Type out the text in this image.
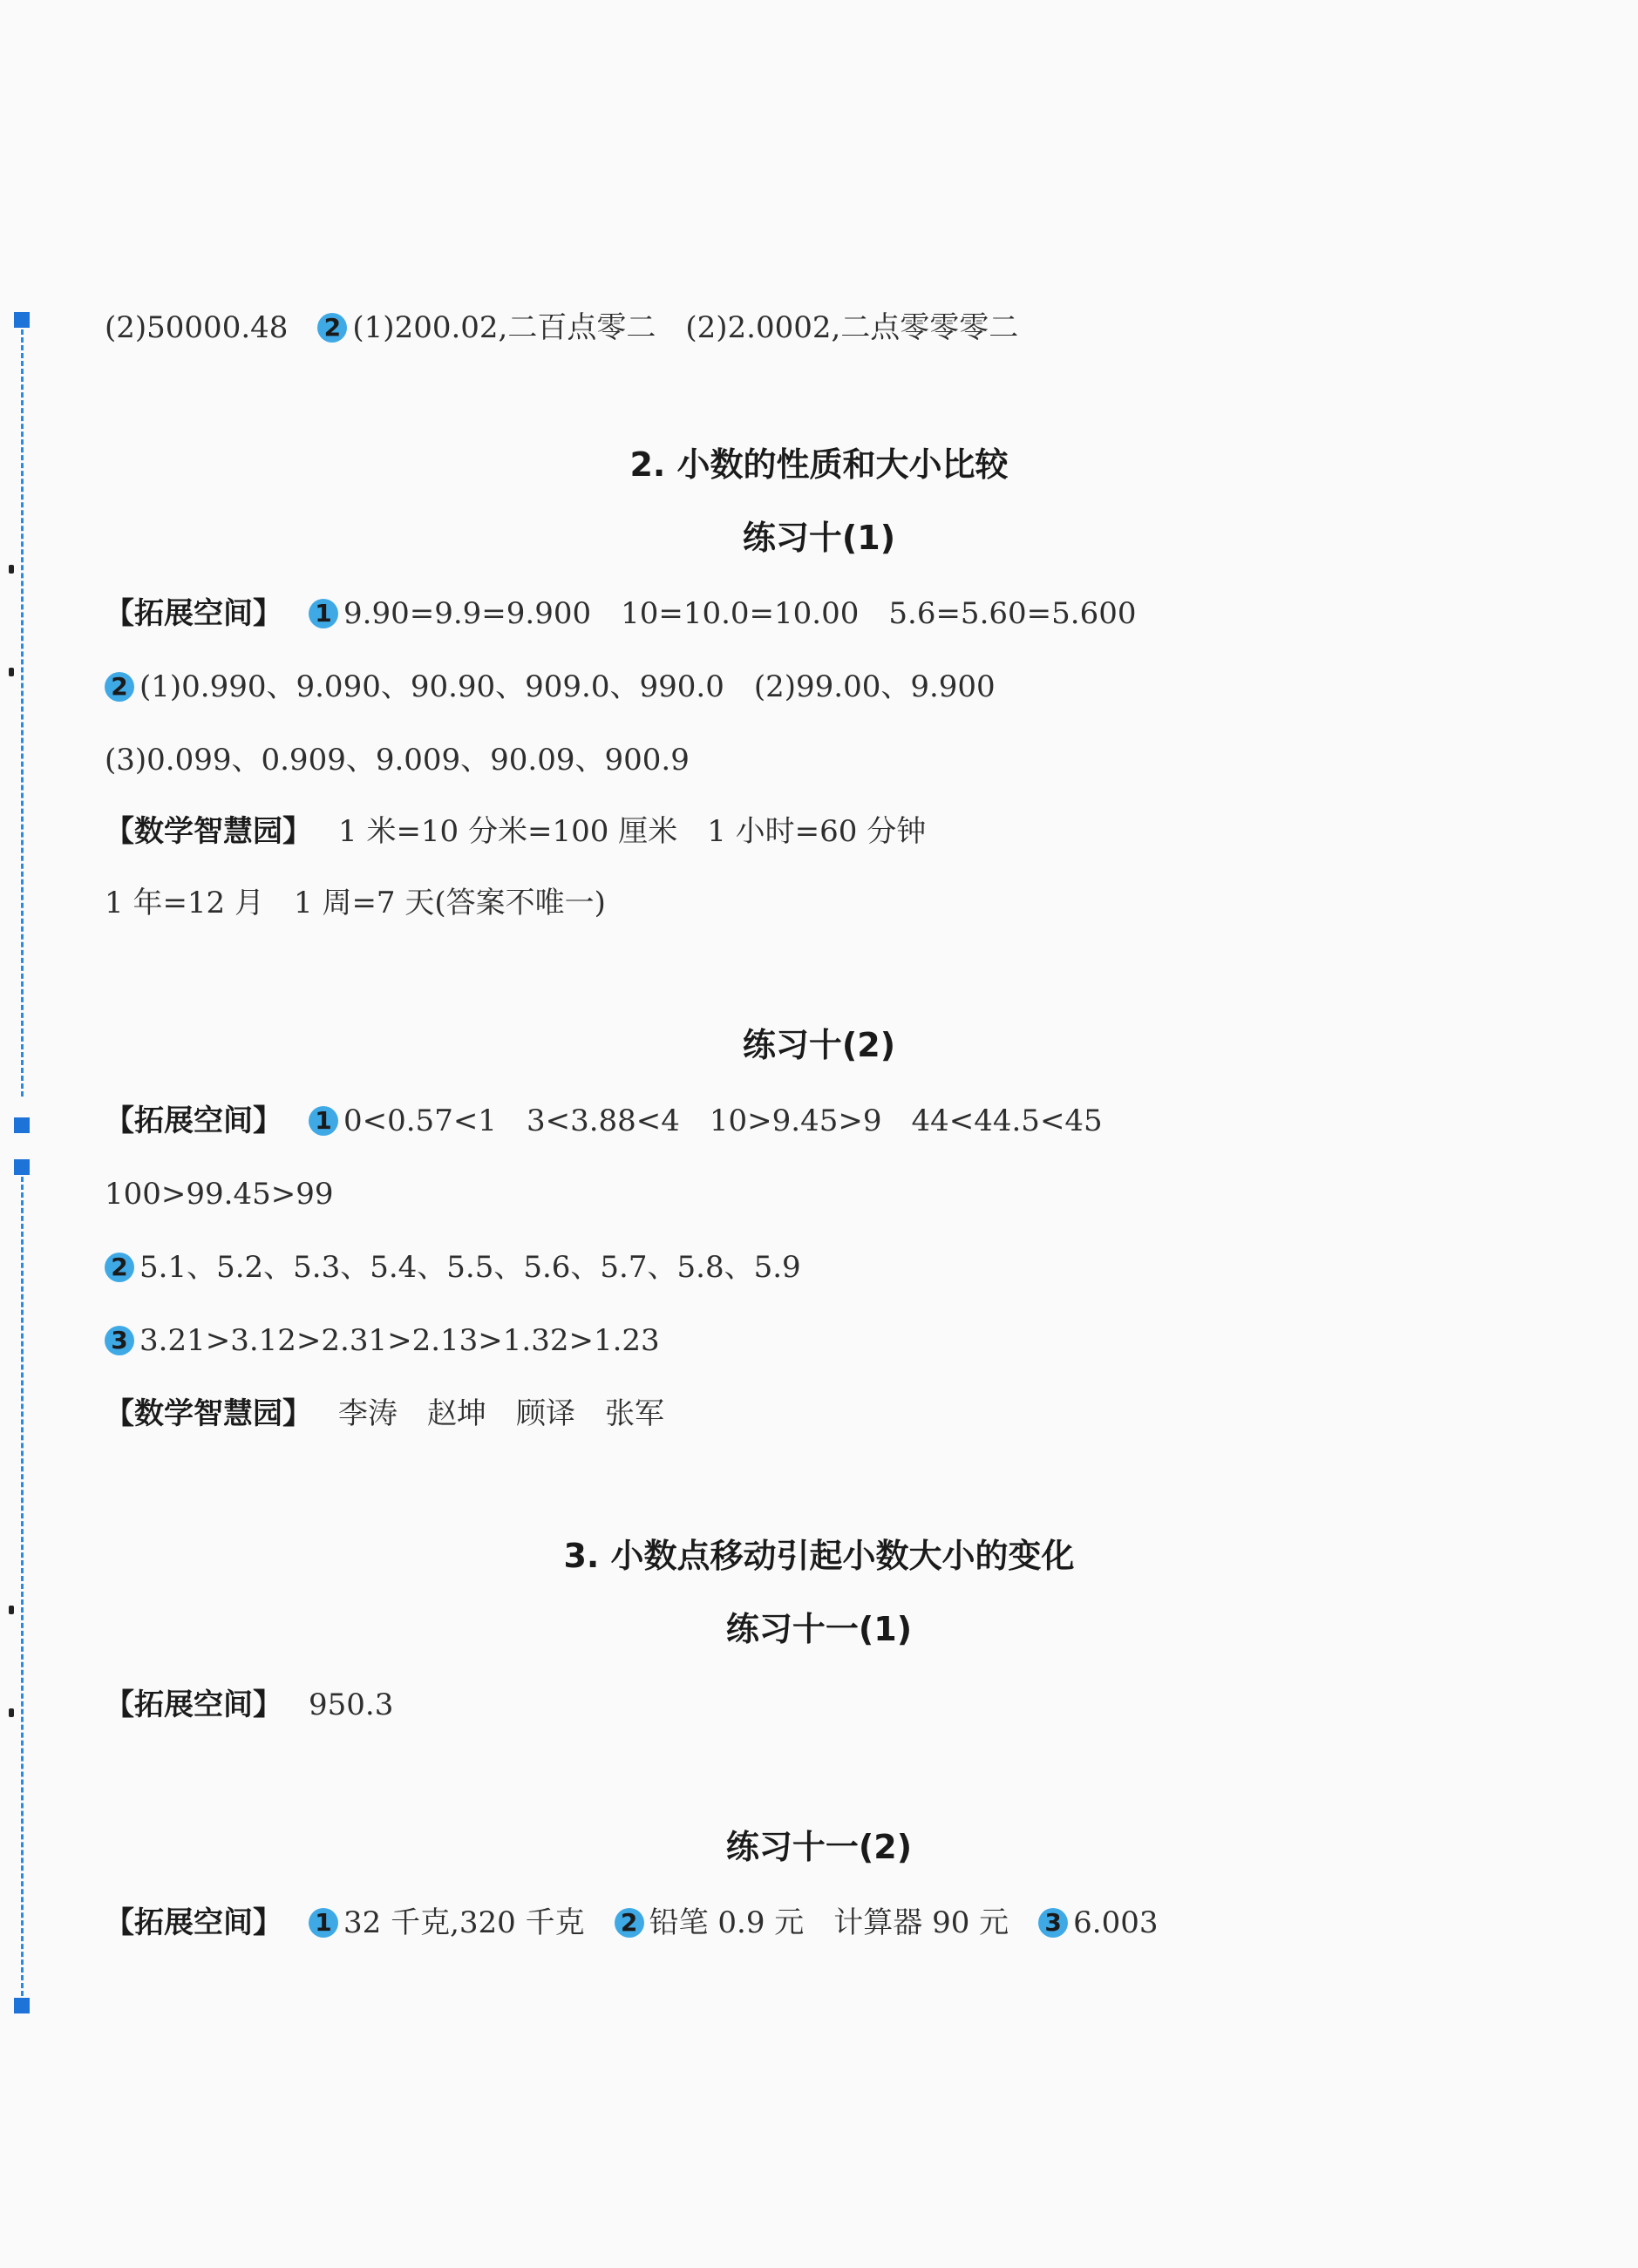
(2)50000.48 2 (1)200.02,二百点零二 (2)2.0002,二点零零零二
2. 小数的性质和大小比较
练习十(1)
【拓展空间】 1 9.90=9.9=9.900 10=10.0=10.00 5.6=5.60=5.600
2 (1)0.990、9.090、90.90、909.0、990.0 (2)99.00、9.900
(3)0.099、0.909、9.009、90.09、900.9
【数学智慧园】 1 米=10 分米=100 厘米 1 小时=60 分钟
1 年=12 月 1 周=7 天(答案不唯一)
练习十(2)
【拓展空间】 1 0<0.57<1 3<3.88<4 10>9.45>9 44<44.5<45
100>99.45>99
2 5.1、5.2、5.3、5.4、5.5、5.6、5.7、5.8、5.9
3 3.21>3.12>2.31>2.13>1.32>1.23
【数学智慧园】 李涛 赵坤 顾译 张军
3. 小数点移动引起小数大小的变化
练习十一(1)
【拓展空间】 950.3
练习十一(2)
【拓展空间】 1 32 千克,320 千克 2 铅笔 0.9 元 计算器 90 元 3 6.003
